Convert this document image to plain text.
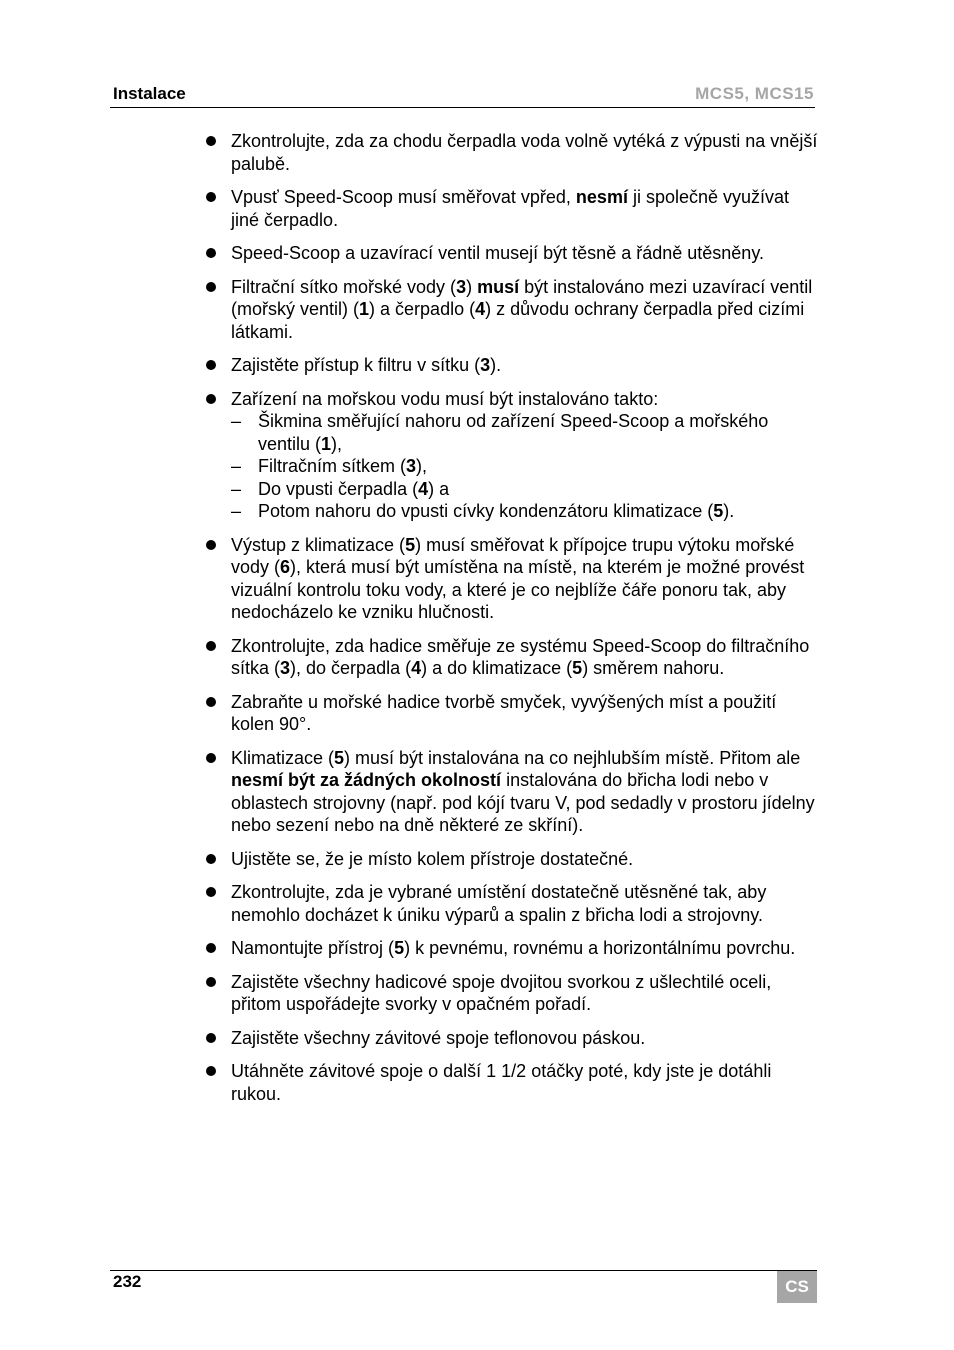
Instalace	MCS5, MCS15
Zkontrolujte, zda za chodu čerpadla voda volně vytéká z výpusti na vnější palubě.
Vpusť Speed-Scoop musí směřovat vpřed, nesmí ji společně využívat jiné čerpadlo.
Speed-Scoop a uzavírací ventil musejí být těsně a řádně utěsněny.
Filtrační sítko mořské vody (3) musí být instalováno mezi uzavírací ventil (mořský ventil) (1) a čerpadlo (4) z důvodu ochrany čerpadla před cizími látkami.
Zajistěte přístup k filtru v sítku (3).
Zařízení na mořskou vodu musí být instalováno takto:
– Šikmina směřující nahoru od zařízení Speed-Scoop a mořského ventilu (1),
– Filtračním sítkem (3),
– Do vpusti čerpadla (4) a
– Potom nahoru do vpusti cívky kondenzátoru klimatizace (5).
Výstup z klimatizace (5) musí směřovat k přípojce trupu výtoku mořské vody (6), která musí být umístěna na místě, na kterém je možné provést vizuální kontrolu toku vody, a které je co nejblíže čáře ponoru tak, aby nedocházelo ke vzniku hlučnosti.
Zkontrolujte, zda hadice směřuje ze systému Speed-Scoop do filtračního sítka (3), do čerpadla (4) a do klimatizace (5) směrem nahoru.
Zabraňte u mořské hadice tvorbě smyček, vyvýšených míst a použití kolen 90°.
Klimatizace (5) musí být instalována na co nejhlubším místě. Přitom ale nesmí být za žádných okolností instalována do břicha lodi nebo v oblastech strojovny (např. pod kójí tvaru V, pod sedadly v prostoru jídelny nebo sezení nebo na dně některé ze skříní).
Ujistěte se, že je místo kolem přístroje dostatečné.
Zkontrolujte, zda je vybrané umístění dostatečně utěsněné tak, aby nemohlo docházet k úniku výparů a spalin z břicha lodi a strojovny.
Namontujte přístroj (5) k pevnému, rovnému a horizontálnímu povrchu.
Zajistěte všechny hadicové spoje dvojitou svorkou z ušlechtilé oceli, přitom uspořádejte svorky v opačném pořadí.
Zajistěte všechny závitové spoje teflonovou páskou.
Utáhněte závitové spoje o další 1 1/2 otáčky poté, kdy jste je dotáhli rukou.
232	CS
